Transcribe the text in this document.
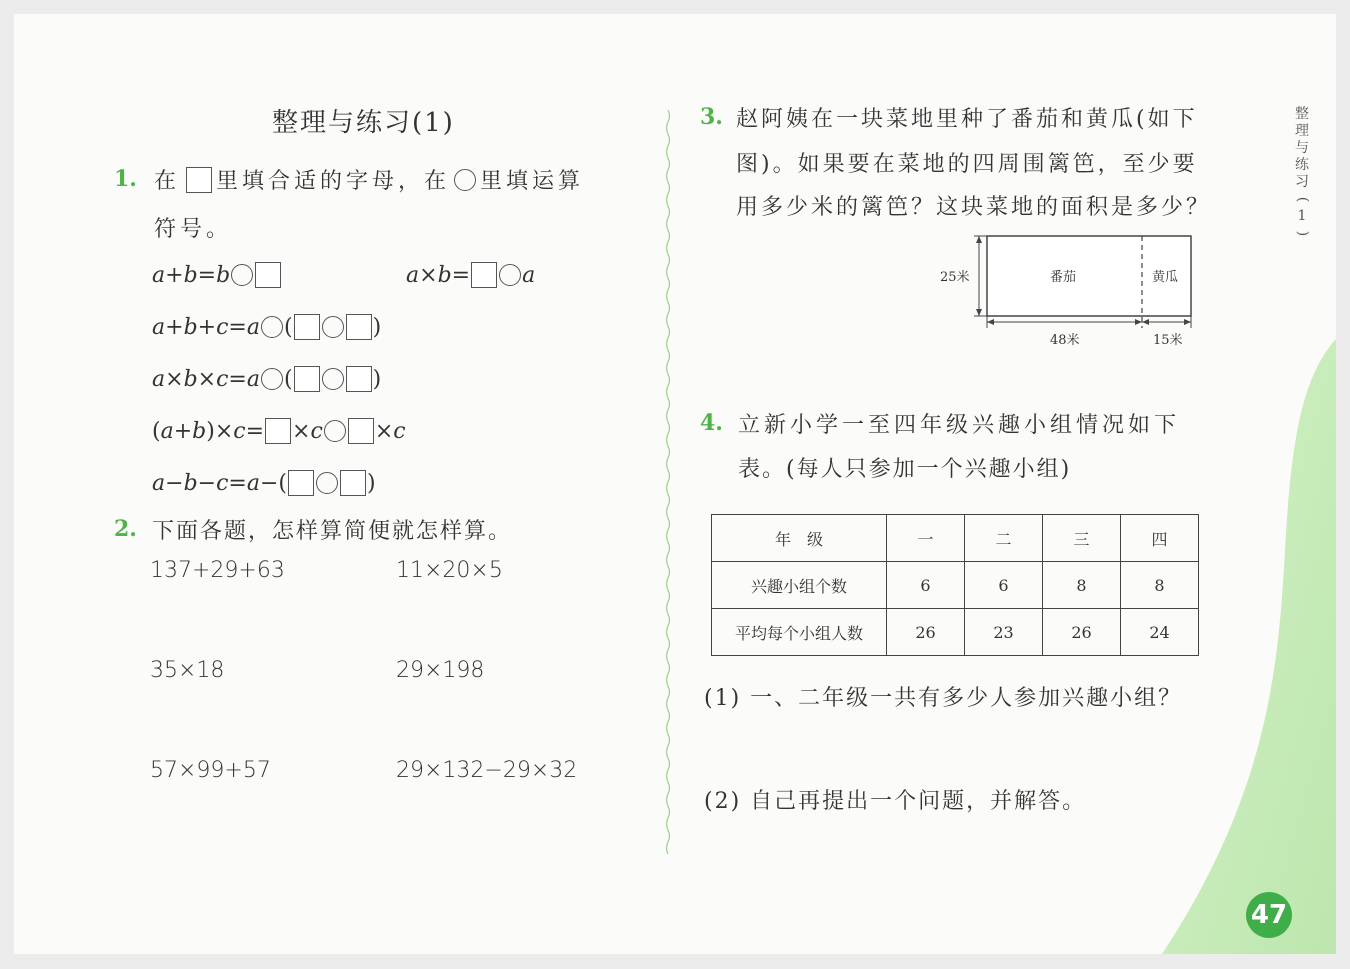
整理与练习(1)
1. 在 里填合适的字母，在 里填运算
符号。
a + b = b	a × b = a
a + b + c = a (	)
a × b × c = a (	)
( a + b ) × c = × c × c
a − b − c = a − (	)
2. 下面各题，怎样算简便就怎样算。
137+29+63	11×20×5
35×18	29×198
57×99+57	29×132−29×32
3. 赵阿姨在一块菜地里种了番茄和黄瓜(如下
图)。如果要在菜地的四周围篱笆，至少要
用多少米的篱笆？这块菜地的面积是多少？
25米	番茄	黄瓜
48米	15米
4. 立新小学一至四年级兴趣小组情况如下
表。(每人只参加一个兴趣小组)
年　级	一	二	三	四
兴趣小组个数	6	6	8	8
平均每个小组人数	26	23	26	24
(1) 一、二年级一共有多少人参加兴趣小组？
(2) 自己再提出一个问题，并解答。
整
理
与
练
习
(
1
)
47
